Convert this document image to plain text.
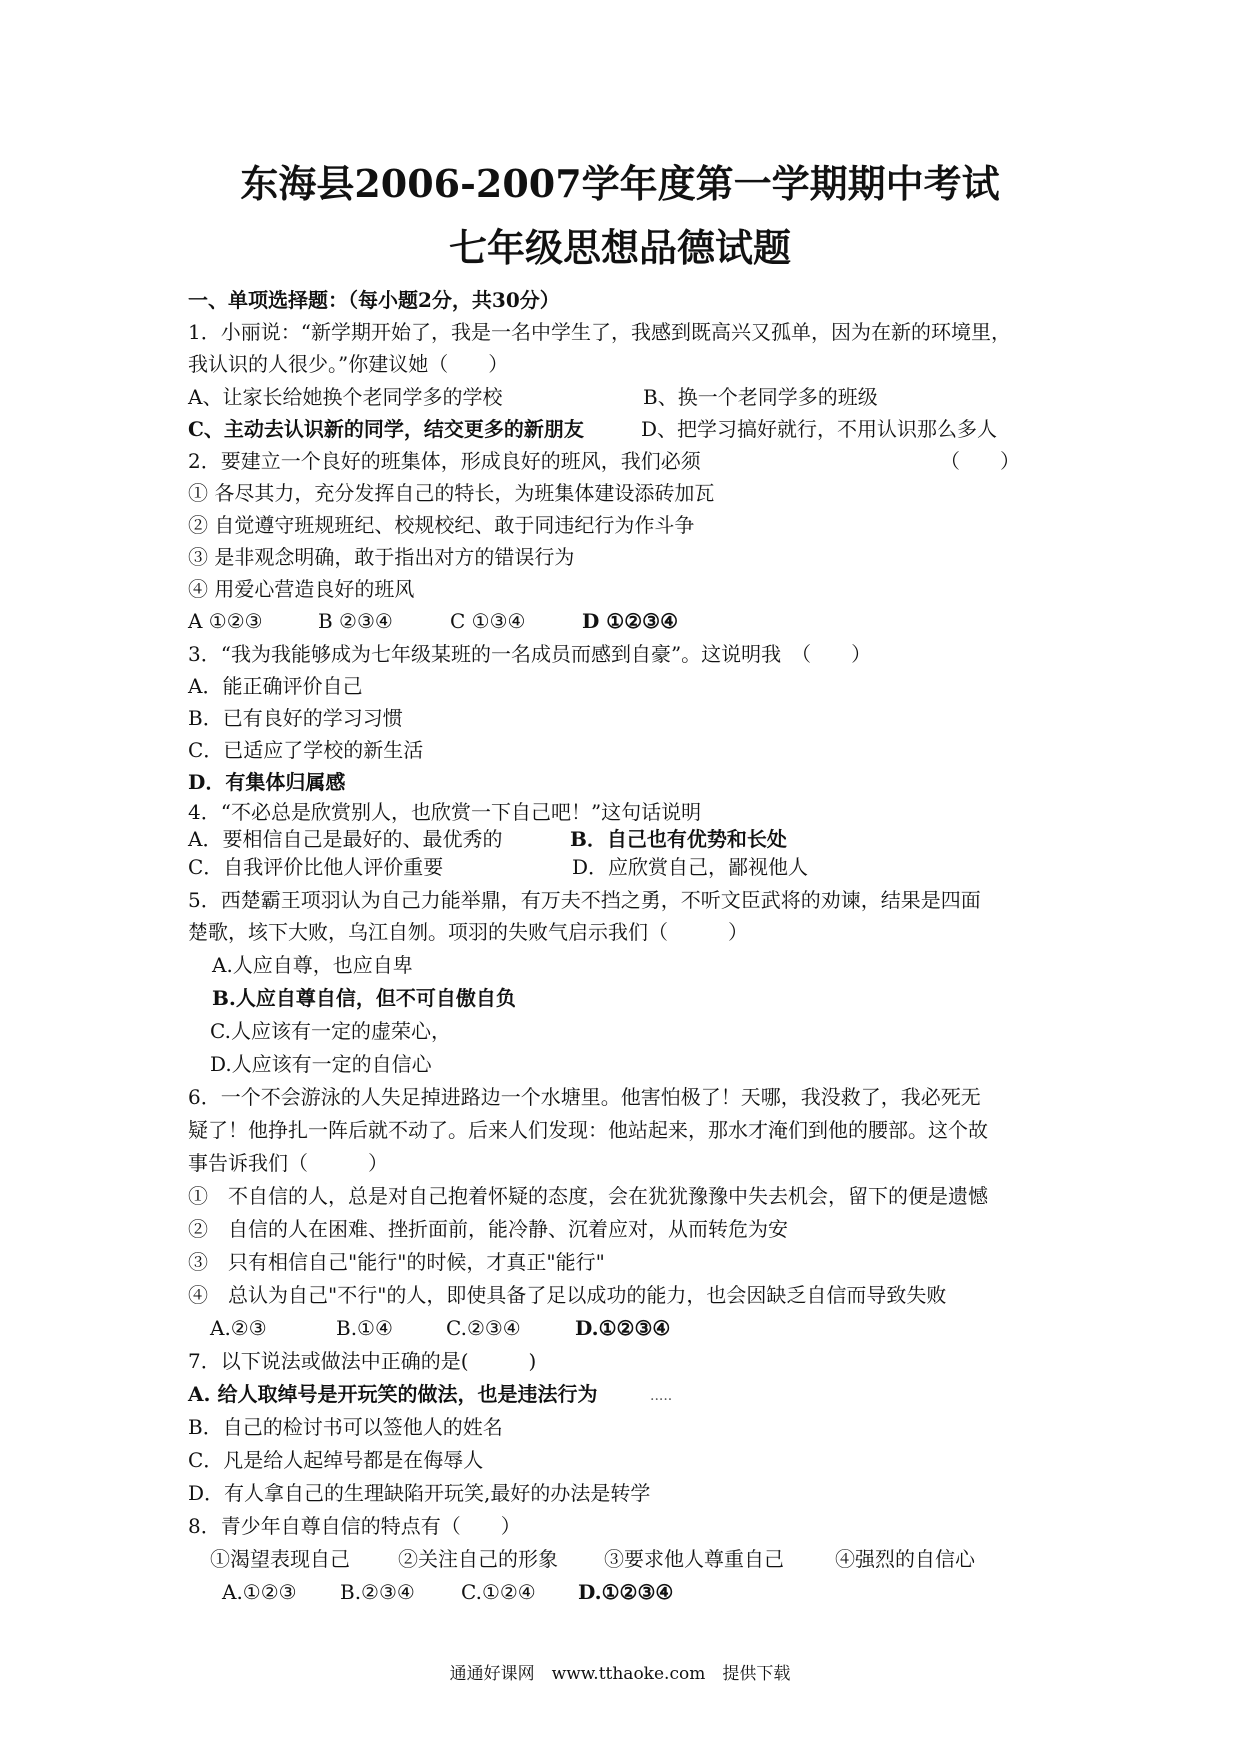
东海县2006-2007学年度第一学期期中考试
七年级思想品德试题
一、单项选择题：（每小题2分，共30分）
1．小丽说：“新学期开始了，我是一名中学生了，我感到既高兴又孤单，因为在新的环境里，
我认识的人很少。”你建议她（　　）
A、让家长给她换个老同学多的学校	B、换一个老同学多的班级
C、主动去认识新的同学，结交更多的新朋友	D、把学习搞好就行，不用认识那么多人
2．要建立一个良好的班集体，形成良好的班风，我们必须	（　　）
① 各尽其力，充分发挥自己的特长，为班集体建设添砖加瓦
② 自觉遵守班规班纪、校规校纪、敢于同违纪行为作斗争
③ 是非观念明确，敢于指出对方的错误行为
④ 用爱心营造良好的班风
A ①②③	B ②③④	C ①③④	D ①②③④
3．“我为我能够成为七年级某班的一名成员而感到自豪”。这说明我　（　　）
A．能正确评价自己
B．已有良好的学习习惯
C．已适应了学校的新生活
D．有集体归属感
4．“不必总是欣赏别人，也欣赏一下自己吧！”这句话说明
A．要相信自己是最好的、最优秀的	B．自己也有优势和长处
C．自我评价比他人评价重要	D．应欣赏自己，鄙视他人
5．西楚霸王项羽认为自己力能举鼎，有万夫不挡之勇，不听文臣武将的劝谏，结果是四面
楚歌，垓下大败，乌江自刎。项羽的失败气启示我们（　　　）
A.人应自尊，也应自卑
B.人应自尊自信，但不可自傲自负
C.人应该有一定的虚荣心，
D.人应该有一定的自信心
6．一个不会游泳的人失足掉进路边一个水塘里。他害怕极了！天哪，我没救了，我必死无
疑了！他挣扎一阵后就不动了。后来人们发现：他站起来，那水才淹们到他的腰部。这个故
事告诉我们（　　　）
①　不自信的人，总是对自己抱着怀疑的态度，会在犹犹豫豫中失去机会，留下的便是遗憾
②　自信的人在困难、挫折面前，能冷静、沉着应对，从而转危为安
③　只有相信自己"能行"的时候，才真正"能行"
④　总认为自己"不行"的人，即使具备了足以成功的能力，也会因缺乏自信而导致失败
A.②③	B.①④	C.②③④	D.①②③④
7．以下说法或做法中正确的是(　　　)
A. 给人取绰号是开玩笑的做法，也是违法行为	.....
B．自己的检讨书可以签他人的姓名
C．凡是给人起绰号都是在侮辱人
D．有人拿自己的生理缺陷开玩笑,最好的办法是转学
8．青少年自尊自信的特点有（　　）
①渴望表现自己 ②关注自己的形象 ③要求他人尊重自己	④强烈的自信心
A.①②③ B.②③④ C.①②④ D.①②③④
通通好课网　www.tthaoke.com　提供下载
